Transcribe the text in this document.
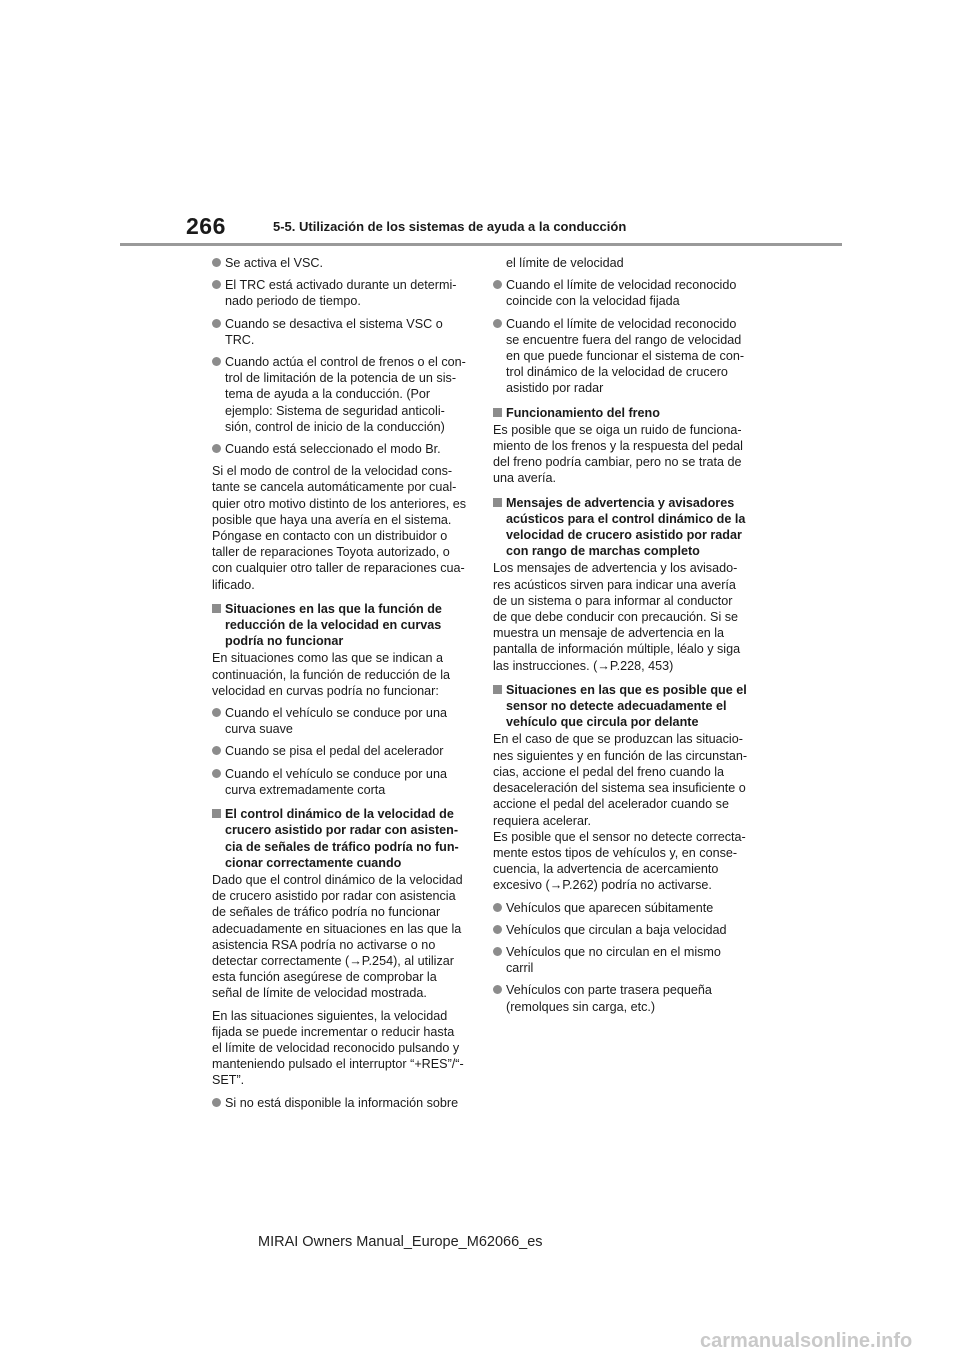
266	5-5. Utilización de los sistemas de ayuda a la conducción
Se activa el VSC.
El TRC está activado durante un determi-
nado periodo de tiempo.
Cuando se desactiva el sistema VSC o
TRC.
Cuando actúa el control de frenos o el con-
trol de limitación de la potencia de un sis-
tema de ayuda a la conducción. (Por
ejemplo: Sistema de seguridad anticoli-
sión, control de inicio de la conducción)
Cuando está seleccionado el modo Br.
Si el modo de control de la velocidad cons-
tante se cancela automáticamente por cual-
quier otro motivo distinto de los anteriores, es
posible que haya una avería en el sistema.
Póngase en contacto con un distribuidor o
taller de reparaciones Toyota autorizado, o
con cualquier otro taller de reparaciones cua-
lificado.
Situaciones en las que la función de
reducción de la velocidad en curvas
podría no funcionar
En situaciones como las que se indican a
continuación, la función de reducción de la
velocidad en curvas podría no funcionar:
Cuando el vehículo se conduce por una
curva suave
Cuando se pisa el pedal del acelerador
Cuando el vehículo se conduce por una
curva extremadamente corta
El control dinámico de la velocidad de
crucero asistido por radar con asisten-
cia de señales de tráfico podría no fun-
cionar correctamente cuando
Dado que el control dinámico de la velocidad
de crucero asistido por radar con asistencia
de señales de tráfico podría no funcionar
adecuadamente en situaciones en las que la
asistencia RSA podría no activarse o no
detectar correctamente (→P.254), al utilizar
esta función asegúrese de comprobar la
señal de límite de velocidad mostrada.
En las situaciones siguientes, la velocidad
fijada se puede incrementar o reducir hasta
el límite de velocidad reconocido pulsando y
manteniendo pulsado el interruptor “+RES”/“-
SET”.
Si no está disponible la información sobre
el límite de velocidad
Cuando el límite de velocidad reconocido
coincide con la velocidad fijada
Cuando el límite de velocidad reconocido
se encuentre fuera del rango de velocidad
en que puede funcionar el sistema de con-
trol dinámico de la velocidad de crucero
asistido por radar
Funcionamiento del freno
Es posible que se oiga un ruido de funciona-
miento de los frenos y la respuesta del pedal
del freno podría cambiar, pero no se trata de
una avería.
Mensajes de advertencia y avisadores
acústicos para el control dinámico de la
velocidad de crucero asistido por radar
con rango de marchas completo
Los mensajes de advertencia y los avisado-
res acústicos sirven para indicar una avería
de un sistema o para informar al conductor
de que debe conducir con precaución. Si se
muestra un mensaje de advertencia en la
pantalla de información múltiple, léalo y siga
las instrucciones. (→P.228, 453)
Situaciones en las que es posible que el
sensor no detecte adecuadamente el
vehículo que circula por delante
En el caso de que se produzcan las situacio-
nes siguientes y en función de las circunstan-
cias, accione el pedal del freno cuando la
desaceleración del sistema sea insuficiente o
accione el pedal del acelerador cuando se
requiera acelerar.
Es posible que el sensor no detecte correcta-
mente estos tipos de vehículos y, en conse-
cuencia, la advertencia de acercamiento
excesivo (→P.262) podría no activarse.
Vehículos que aparecen súbitamente
Vehículos que circulan a baja velocidad
Vehículos que no circulan en el mismo
carril
Vehículos con parte trasera pequeña
(remolques sin carga, etc.)
MIRAI Owners Manual_Europe_M62066_es
carmanualsonline.info
